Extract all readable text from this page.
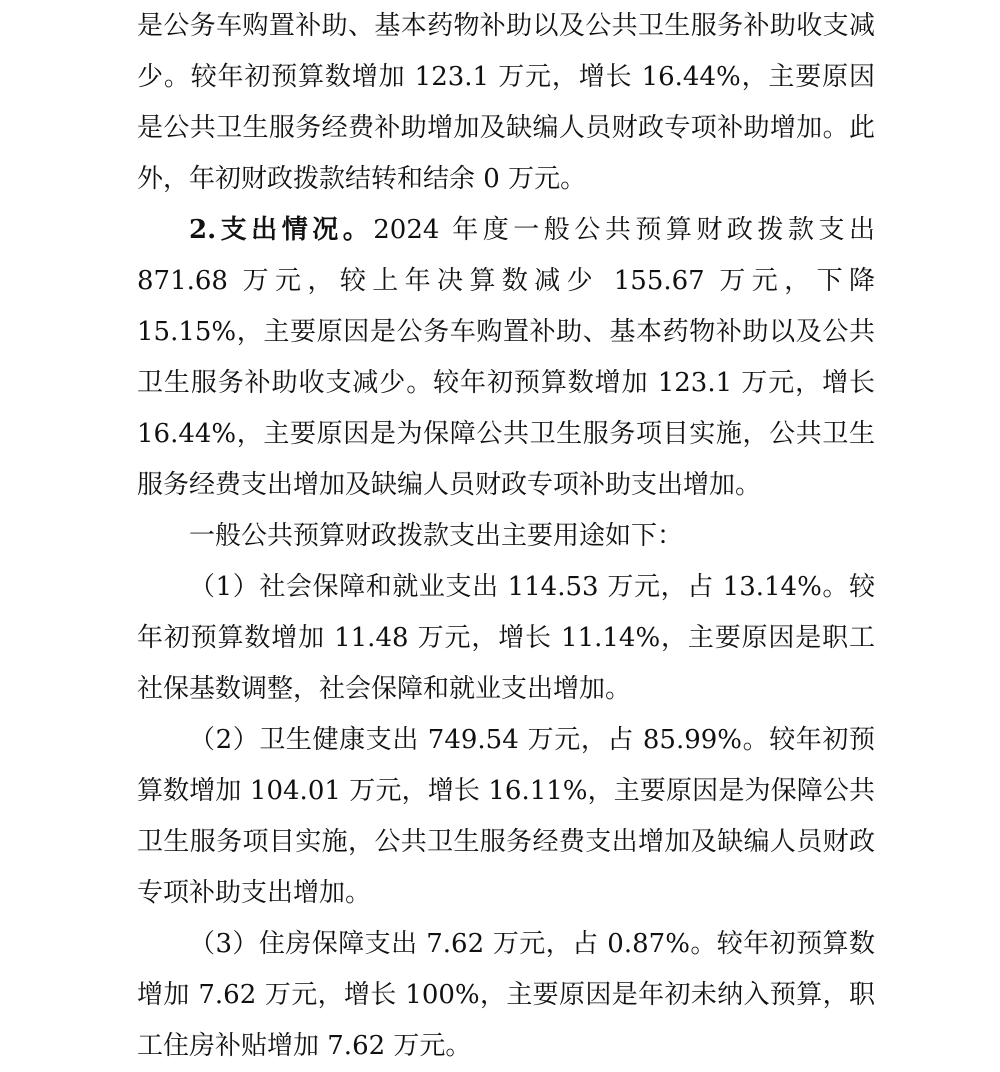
是公务车购置补助、基本药物补助以及公共卫生服务补助收支减少。较年初预算数增加 123.1 万元，增长 16.44%，主要原因是公共卫生服务经费补助增加及缺编人员财政专项补助增加。此外，年初财政拨款结转和结余 0 万元。

2.支出情况。2024 年度一般公共预算财政拨款支出 871.68 万元，较上年决算数减少 155.67 万元，下降 15.15%，主要原因是公务车购置补助、基本药物补助以及公共卫生服务补助收支减少。较年初预算数增加 123.1 万元，增长 16.44%，主要原因是为保障公共卫生服务项目实施，公共卫生服务经费支出增加及缺编人员财政专项补助支出增加。

一般公共预算财政拨款支出主要用途如下：

（1）社会保障和就业支出 114.53 万元，占 13.14%。较年初预算数增加 11.48 万元，增长 11.14%，主要原因是职工社保基数调整，社会保障和就业支出增加。

（2）卫生健康支出 749.54 万元，占 85.99%。较年初预算数增加 104.01 万元，增长 16.11%，主要原因是为保障公共卫生服务项目实施，公共卫生服务经费支出增加及缺编人员财政专项补助支出增加。

（3）住房保障支出 7.62 万元，占 0.87%。较年初预算数增加 7.62 万元，增长 100%，主要原因是年初未纳入预算，职工住房补贴增加 7.62 万元。
